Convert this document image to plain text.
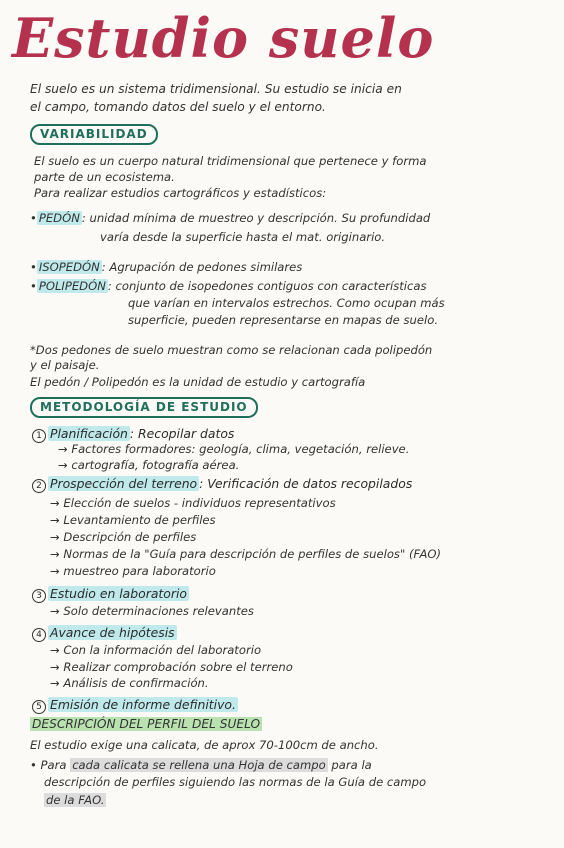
Estudio suelo
El suelo es un sistema tridimensional. Su estudio se inicia en
el campo, tomando datos del suelo y el entorno.
VARIABILIDAD
El suelo es un cuerpo natural tridimensional que pertenece y forma
parte de un ecosistema.
Para realizar estudios cartográficos y estadísticos:
• PEDÓN : unidad mínima de muestreo y descripción. Su profundidad
varía desde la superficie hasta el mat. originario.
• ISOPEDÓN : Agrupación de pedones similares
• POLIPEDÓN : conjunto de isopedones contiguos con características
que varían en intervalos estrechos. Como ocupan más
superficie, pueden representarse en mapas de suelo.
*Dos pedones de suelo muestran como se relacionan cada polipedón
y el paisaje.
El pedón / Polipedón es la unidad de estudio y cartografía
METODOLOGÍA DE ESTUDIO
1 Planificación : Recopilar datos
→ Factores formadores: geología, clima, vegetación, relieve.
→ cartografía, fotografía aérea.
2 Prospección del terreno : Verificación de datos recopilados
→ Elección de suelos - individuos representativos
→ Levantamiento de perfiles
→ Descripción de perfiles
→ Normas de la "Guía para descripción de perfiles de suelos" (FAO)
→ muestreo para laboratorio
3 Estudio en laboratorio
→ Solo determinaciones relevantes
4 Avance de hipótesis
→ Con la información del laboratorio
→ Realizar comprobación sobre el terreno
→ Análisis de confirmación.
5 Emisión de informe definitivo.
DESCRIPCIÓN DEL PERFIL DEL SUELO
El estudio exige una calicata, de aprox 70-100cm de ancho.
• Para cada calicata se rellena una Hoja de campo para la
descripción de perfiles siguiendo las normas de la Guía de campo
de la FAO.
